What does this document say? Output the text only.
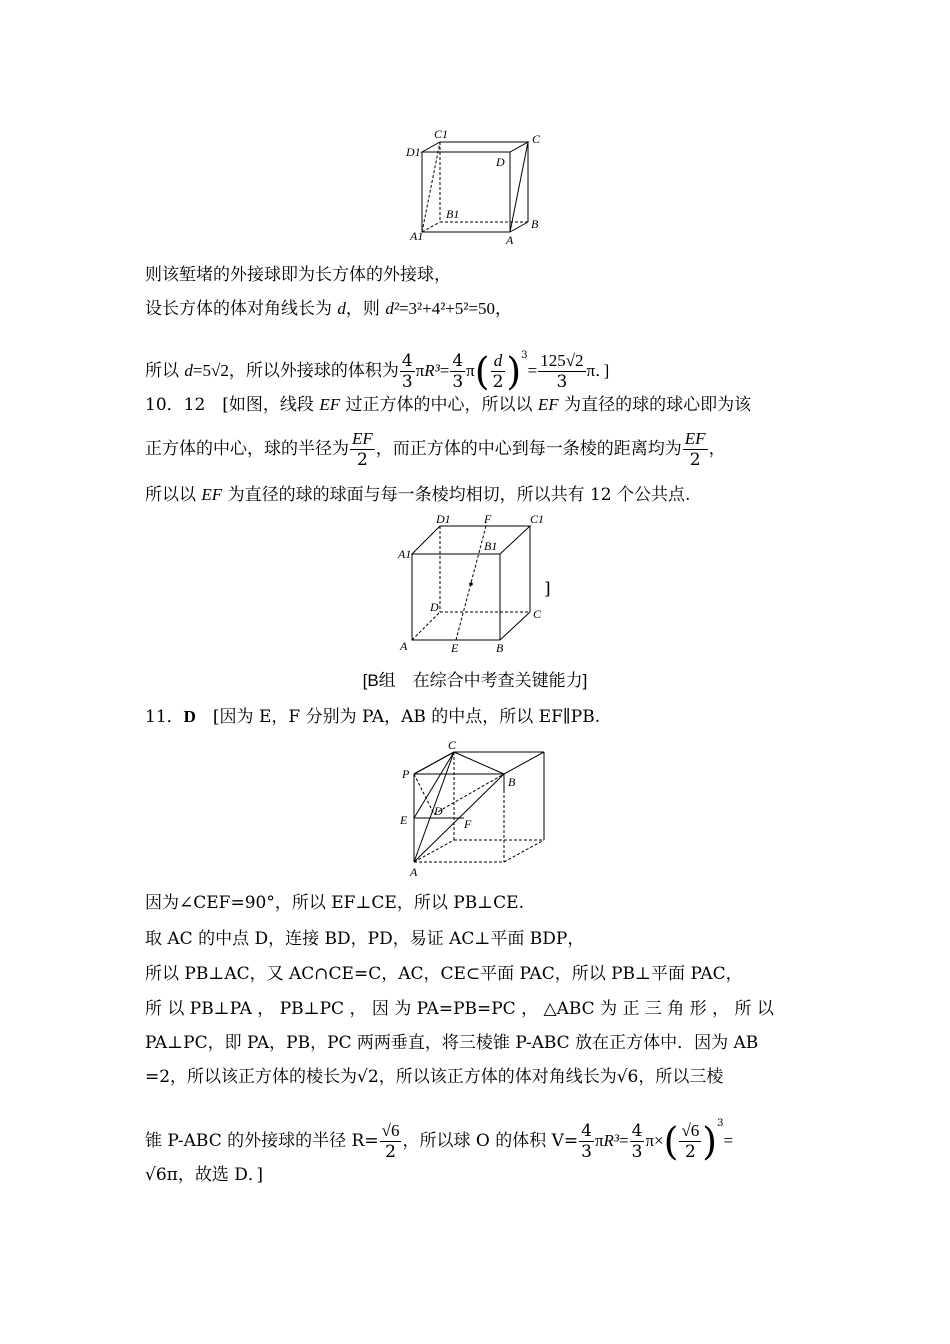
C1	C
D1
D
B1
B
A1	A
则该堑堵的外接球即为长方体的外接球，
设长方体的体对角线长为 d，则 d²=3²+4²+5²=50，
所以 d=5√2，所以外接球的体积为 $\frac{4}{3} \pi R^3= \frac{4}{3} \pi( \frac{d}{2} )^3= \frac{125√2}{3}$ π．]
10．12　[如图，线段 EF 过正方体的中心，所以以 EF 为直径的球的球心即为该
正方体的中心，球的半径为 $\frac{EF}{2}$ ，而正方体的中心到每一条棱的距离均为 $\frac{EF}{2}$ ，
所以以 EF 为直径的球的球面与每一条棱均相切，所以共有 12 个公共点.
D1	F	C1
A1
B1
D	C
A	E	B
]
[B组　在综合中考查关键能力]
11．D　[因为 E，F 分别为 PA，AB 的中点，所以 EF∥PB.
C
P
B
D
E	F
A
因为∠CEF=90°，所以 EF⊥CE，所以 PB⊥CE.
取 AC 的中点 D，连接 BD，PD，易证 AC⊥平面 BDP，
所以 PB⊥AC，又 AC∩CE=C，AC，CE⊂平面 PAC，所以 PB⊥平面 PAC，
所 以 PB⊥PA ， PB⊥PC ， 因 为 PA=PB=PC ， △ABC 为 正 三 角 形 ， 所 以
PA⊥PC，即 PA，PB，PC 两两垂直，将三棱锥 P-ABC 放在正方体中．因为 AB
=2，所以该正方体的棱长为√2，所以该正方体的体对角线长为√6，所以三棱
锥 P-ABC 的外接球的半径 $R= \frac{√6}{2}$ ，所以球 O 的体积 $V= \frac{4}{3} \pi R^3= \frac{4}{3} \pi\times( \frac{√6}{2} )^3=$
√6π，故选 D．]
